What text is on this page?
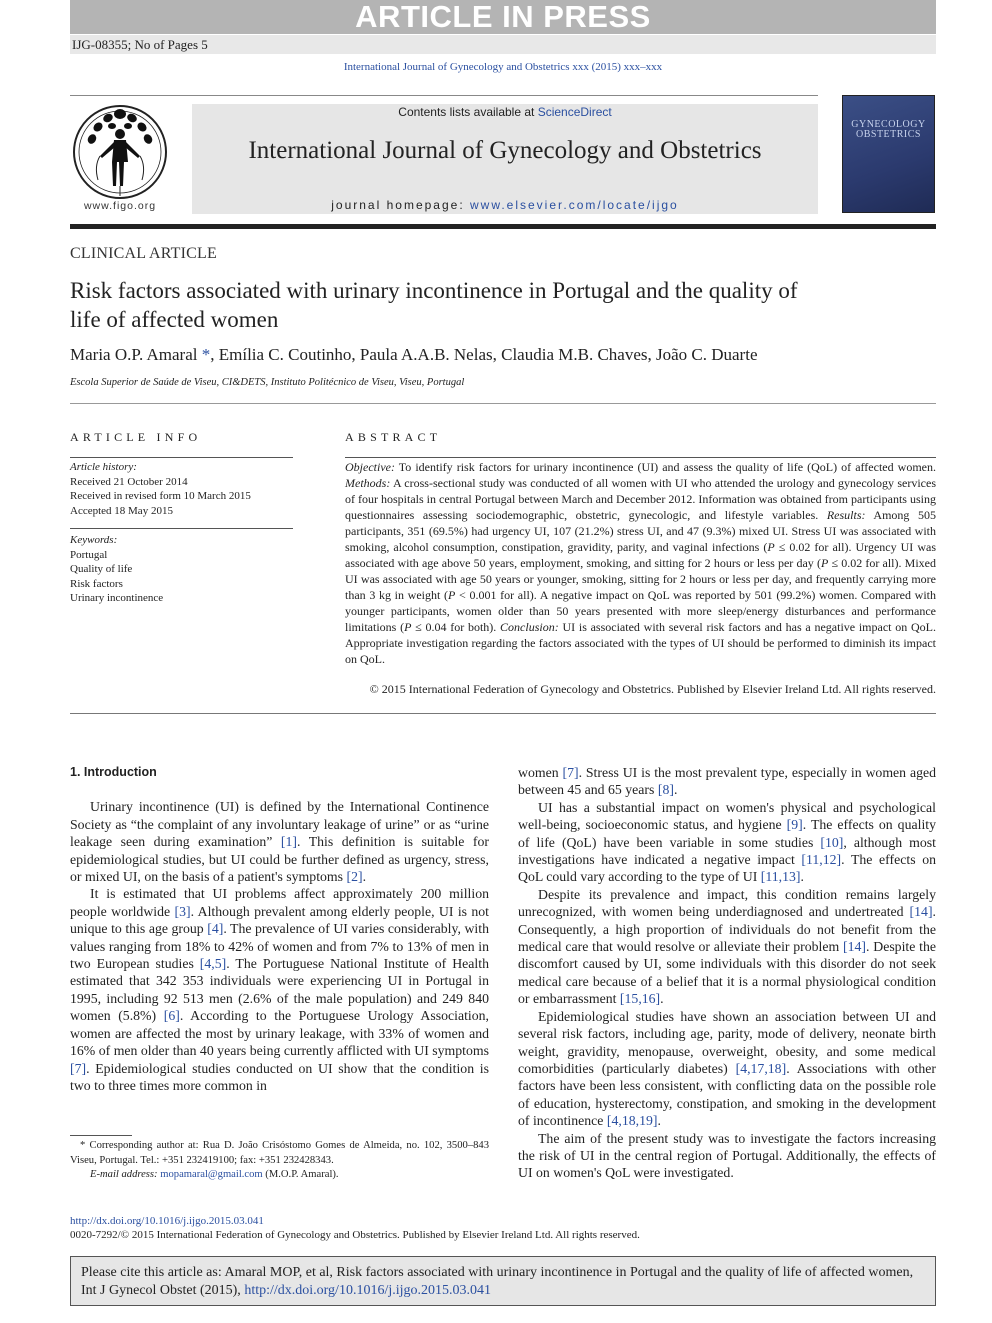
ARTICLE IN PRESS
IJG-08355; No of Pages 5
International Journal of Gynecology and Obstetrics xxx (2015) xxx–xxx
www.figo.org
Contents lists available at ScienceDirect
International Journal of Gynecology and Obstetrics
journal homepage: www.elsevier.com/locate/ijgo
GYNECOLOGY
OBSTETRICS
CLINICAL ARTICLE
Risk factors associated with urinary incontinence in Portugal and the quality of life of affected women
Maria O.P. Amaral *, Emília C. Coutinho, Paula A.A.B. Nelas, Claudia M.B. Chaves, João C. Duarte
Escola Superior de Saúde de Viseu, CI&DETS, Instituto Politécnico de Viseu, Viseu, Portugal
ARTICLE INFO
Article history:
Received 21 October 2014
Received in revised form 10 March 2015
Accepted 18 May 2015
Keywords:
Portugal
Quality of life
Risk factors
Urinary incontinence
ABSTRACT
Objective: To identify risk factors for urinary incontinence (UI) and assess the quality of life (QoL) of affected women. Methods: A cross-sectional study was conducted of all women with UI who attended the urology and gynecology services of four hospitals in central Portugal between March and December 2012. Information was obtained from participants using questionnaires assessing sociodemographic, obstetric, gynecologic, and lifestyle variables. Results: Among 505 participants, 351 (69.5%) had urgency UI, 107 (21.2%) stress UI, and 47 (9.3%) mixed UI. Stress UI was associated with smoking, alcohol consumption, constipation, gravidity, parity, and vaginal infections (P ≤ 0.02 for all). Urgency UI was associated with age above 50 years, employment, smoking, and sitting for 2 hours or less per day (P ≤ 0.02 for all). Mixed UI was associated with age 50 years or younger, smoking, sitting for 2 hours or less per day, and frequently carrying more than 3 kg in weight (P < 0.001 for all). A negative impact on QoL was reported by 501 (99.2%) women. Compared with younger participants, women older than 50 years presented with more sleep/energy disturbances and performance limitations (P ≤ 0.04 for both). Conclusion: UI is associated with several risk factors and has a negative impact on QoL. Appropriate investigation regarding the factors associated with the types of UI should be performed to diminish its impact on QoL.
© 2015 International Federation of Gynecology and Obstetrics. Published by Elsevier Ireland Ltd. All rights reserved.

1. Introduction

Urinary incontinence (UI) is defined by the International Continence Society as “the complaint of any involuntary leakage of urine” or as “urine leakage seen during examination” [1]. This definition is suitable for epidemiological studies, but UI could be further defined as urgency, stress, or mixed UI, on the basis of a patient's symptoms [2].

It is estimated that UI problems affect approximately 200 million people worldwide [3]. Although prevalent among elderly people, UI is not unique to this age group [4]. The prevalence of UI varies considerably, with values ranging from 18% to 42% of women and from 7% to 13% of men in two European studies [4,5]. The Portuguese National Institute of Health estimated that 342 353 individuals were experiencing UI in Portugal in 1995, including 92 513 men (2.6% of the male population) and 249 840 women (5.8%) [6]. According to the Portuguese Urology Association, women are affected the most by urinary leakage, with 33% of women and 16% of men older than 40 years being currently afflicted with UI symptoms [7]. Epidemiological studies conducted on UI show that the condition is two to three times more common in

women [7]. Stress UI is the most prevalent type, especially in women aged between 45 and 65 years [8].

UI has a substantial impact on women's physical and psychological well-being, socioeconomic status, and hygiene [9]. The effects on quality of life (QoL) have been variable in some studies [10], although most investigations have indicated a negative impact [11,12]. The effects on QoL could vary according to the type of UI [11,13].

Despite its prevalence and impact, this condition remains largely unrecognized, with women being underdiagnosed and undertreated [14]. Consequently, a high proportion of individuals do not benefit from the medical care that would resolve or alleviate their problem [14]. Despite the discomfort caused by UI, some individuals with this disorder do not seek medical care because of a belief that it is a normal physiological condition or embarrassment [15,16].

Epidemiological studies have shown an association between UI and several risk factors, including age, parity, mode of delivery, neonate birth weight, gravidity, menopause, overweight, obesity, and some medical comorbidities (particularly diabetes) [4,17,18]. Associations with other factors have been less consistent, with conflicting data on the possible role of education, hysterectomy, constipation, and smoking in the development of incontinence [4,18,19].

The aim of the present study was to investigate the factors increasing the risk of UI in the central region of Portugal. Additionally, the effects of UI on women's QoL were investigated.

* Corresponding author at: Rua D. João Crisóstomo Gomes de Almeida, no. 102, 3500–843 Viseu, Portugal. Tel.: +351 232419100; fax: +351 232428343.
E-mail address: mopamaral@gmail.com (M.O.P. Amaral).
http://dx.doi.org/10.1016/j.ijgo.2015.03.041
0020-7292/© 2015 International Federation of Gynecology and Obstetrics. Published by Elsevier Ireland Ltd. All rights reserved.
Please cite this article as: Amaral MOP, et al, Risk factors associated with urinary incontinence in Portugal and the quality of life of affected women, Int J Gynecol Obstet (2015), http://dx.doi.org/10.1016/j.ijgo.2015.03.041
